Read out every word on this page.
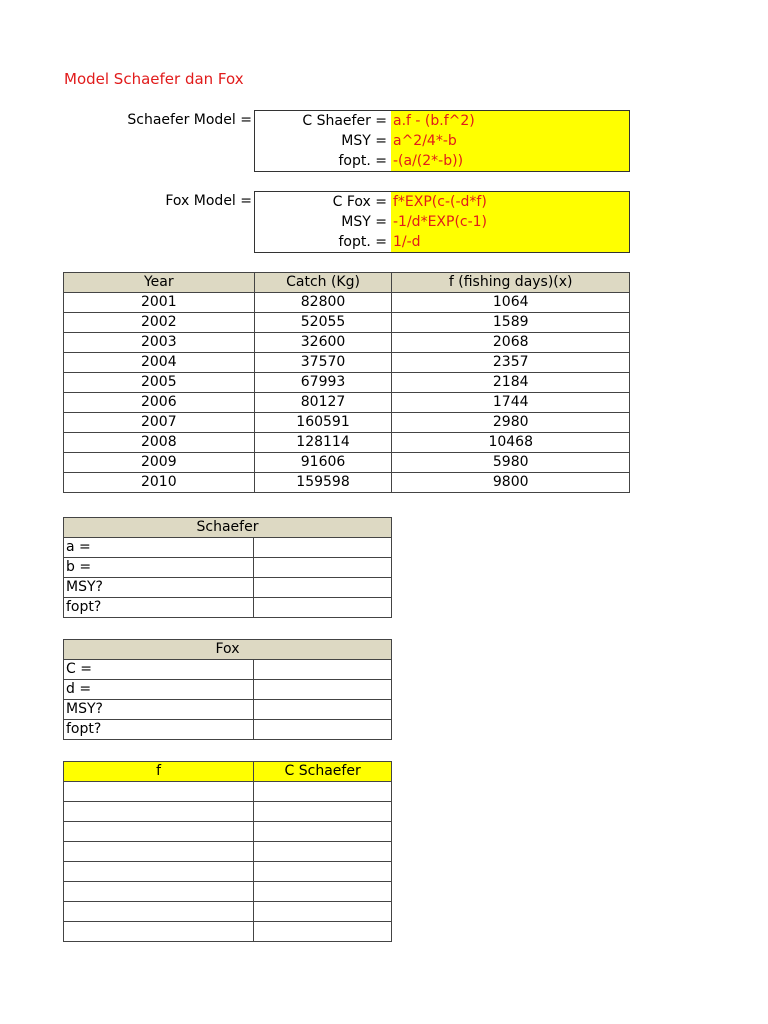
Model Schaefer dan Fox
Schaefer Model =	C Shaefer = a.f - (b.f^2)
MSY = a^2/4*-b
fopt. = -(a/(2*-b))
Fox Model =	C Fox = f*EXP(c-(-d*f)
MSY = -1/d*EXP(c-1)
fopt. = 1/-d
Year	Catch (Kg)	f (fishing days)(x)
2001	82800	1064
2002	52055	1589
2003	32600	2068
2004	37570	2357
2005	67993	2184
2006	80127	1744
2007	160591	2980
2008	128114	10468
2009	91606	5980
2010	159598	9800
Schaefer	
a =	
b =	
MSY?	
fopt?	
Fox	
C =	
d =	
MSY?	
fopt?	
f	C Schaefer
